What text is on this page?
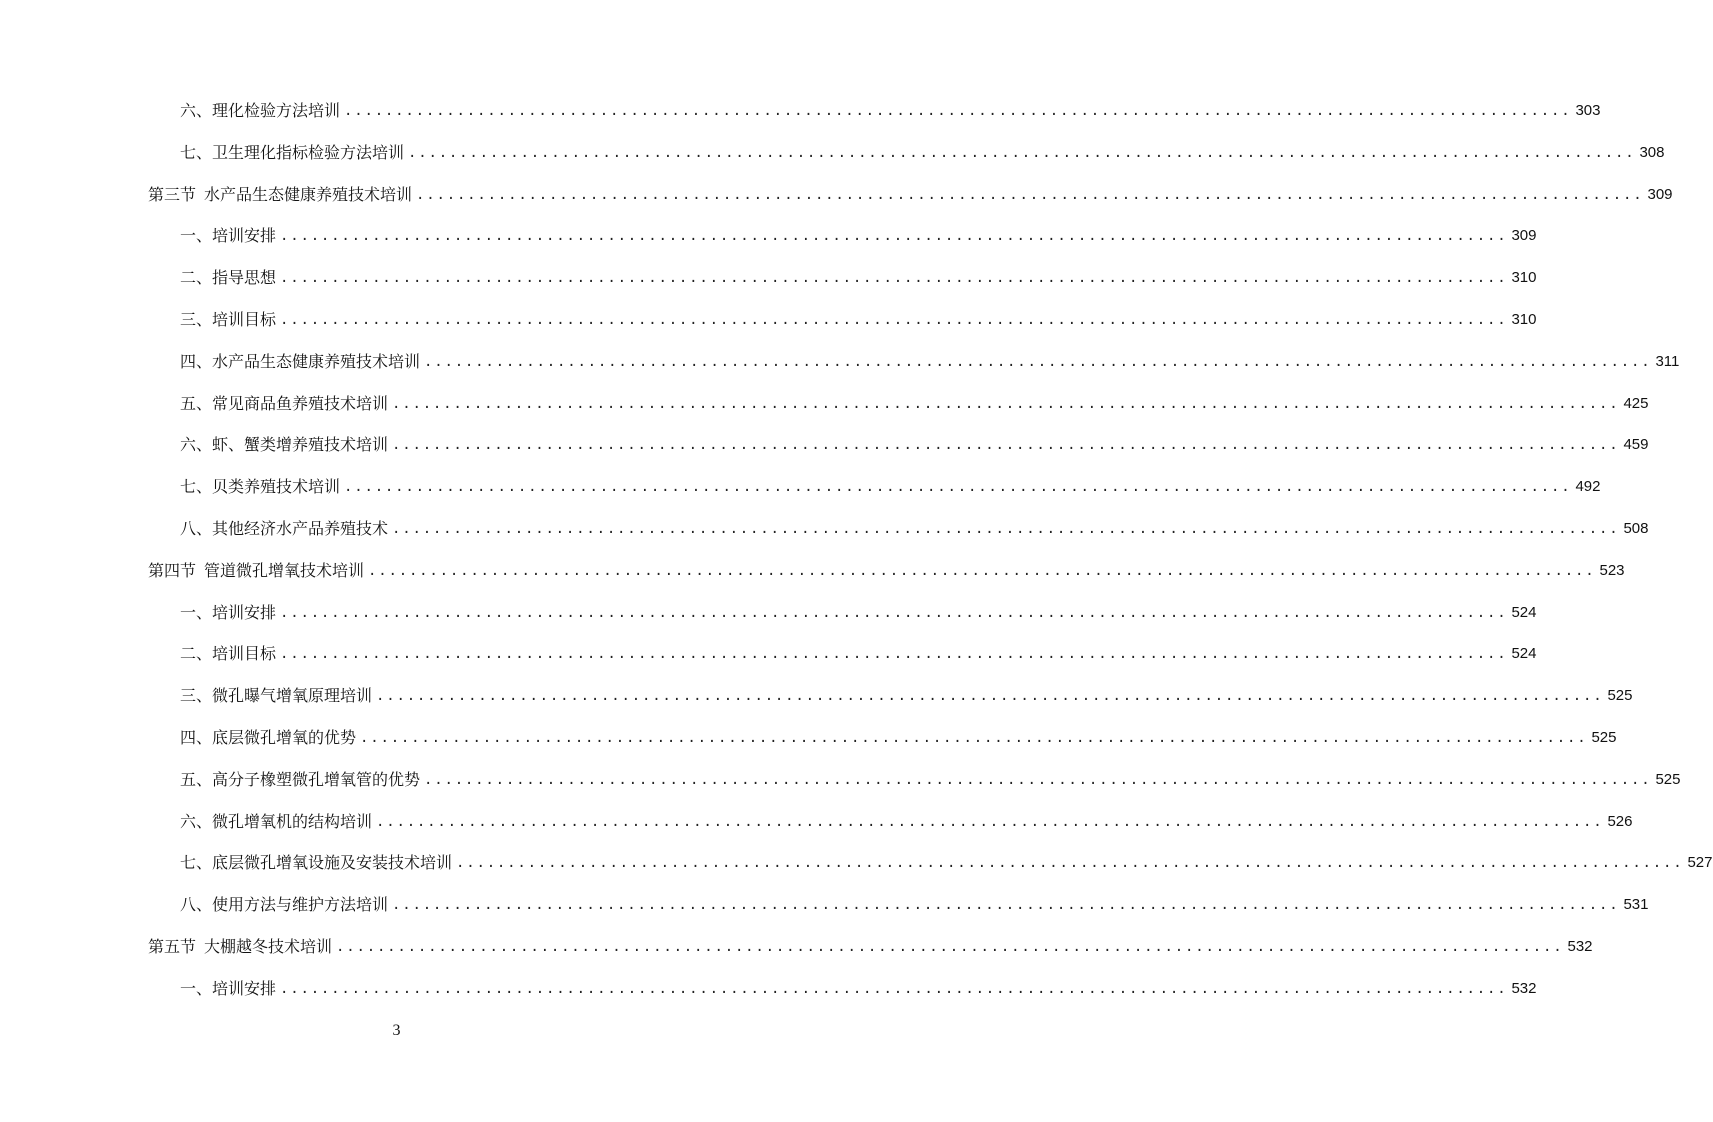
六、理化检验方法培训 ........................................................................................................................ 303
七、卫生理化指标检验方法培训 ........................................................................................................................ 308
第三节 水产品生态健康养殖技术培训 ........................................................................................................................ 309
一、培训安排 ........................................................................................................................ 309
二、指导思想 ........................................................................................................................ 310
三、培训目标 ........................................................................................................................ 310
四、水产品生态健康养殖技术培训 ........................................................................................................................ 311
五、常见商品鱼养殖技术培训 ........................................................................................................................ 425
六、虾、蟹类增养殖技术培训 ........................................................................................................................ 459
七、贝类养殖技术培训 ........................................................................................................................ 492
八、其他经济水产品养殖技术 ........................................................................................................................ 508
第四节 管道微孔增氧技术培训 ........................................................................................................................ 523
一、培训安排 ........................................................................................................................ 524
二、培训目标 ........................................................................................................................ 524
三、微孔曝气增氧原理培训 ........................................................................................................................ 525
四、底层微孔增氧的优势 ........................................................................................................................ 525
五、高分子橡塑微孔增氧管的优势 ........................................................................................................................ 525
六、微孔增氧机的结构培训 ........................................................................................................................ 526
七、底层微孔增氧设施及安装技术培训 ........................................................................................................................ 527
八、使用方法与维护方法培训 ........................................................................................................................ 531
第五节 大棚越冬技术培训 ........................................................................................................................ 532
一、培训安排 ........................................................................................................................ 532
3
